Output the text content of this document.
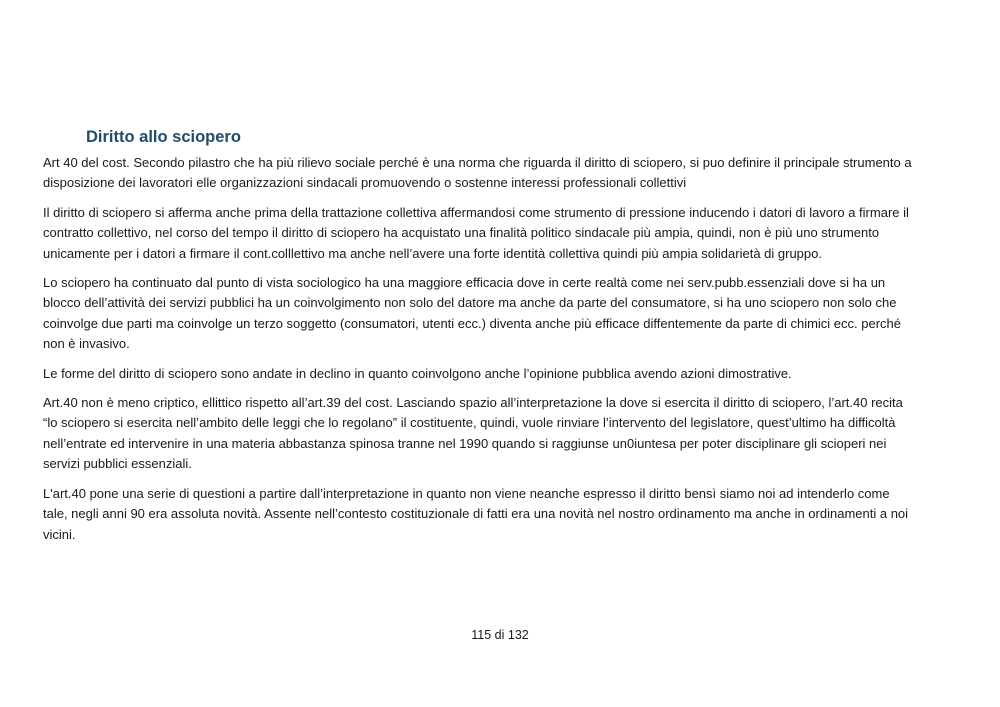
Diritto allo sciopero

Art 40 del cost. Secondo pilastro che ha più rilievo sociale perché è una norma che riguarda il diritto di sciopero, si puo definire il principale strumento a disposizione dei lavoratori elle organizzazioni sindacali promuovendo o sostenne interessi professionali collettivi

Il diritto di sciopero si afferma anche prima della trattazione collettiva affermandosi come strumento di pressione inducendo i datori di lavoro a firmare il contratto collettivo, nel corso del tempo il diritto di sciopero ha acquistato una finalità politico sindacale più ampia, quindi, non è più uno strumento unicamente per i datori a firmare il cont.colllettivo ma anche nell’avere una forte identità collettiva quindi più ampia solidarietà di gruppo.

Lo sciopero ha continuato dal punto di vista sociologico ha una maggiore efficacia dove in certe realtà come nei serv.pubb.essenziali dove si ha un blocco dell’attività dei servizi pubblici ha un coinvolgimento non solo del datore ma anche da parte del consumatore, si ha uno sciopero non solo che coinvolge due parti ma coinvolge un terzo soggetto (consumatori, utenti ecc.) diventa anche più efficace diffentemente da parte di chimici ecc. perché non è invasivo.

Le forme del diritto di sciopero sono andate in declino in quanto coinvolgono anche l’opinione pubblica avendo azioni dimostrative.

Art.40 non è meno criptico, ellittico rispetto all’art.39 del cost. Lasciando spazio all’interpretazione la dove si esercita il diritto di sciopero, l’art.40 recita “lo sciopero si esercita nell’ambito delle leggi che lo regolano” il costituente, quindi, vuole rinviare l’intervento del legislatore, quest’ultimo ha difficoltà nell’entrate ed intervenire in una materia abbastanza spinosa tranne nel 1990 quando si raggiunse un0iuntesa per poter disciplinare gli scioperi nei servizi pubblici essenziali.

L'art.40 pone una serie di questioni a partire dall’interpretazione in quanto non viene neanche espresso il diritto bensì siamo noi ad intenderlo come tale, negli anni 90 era assoluta novità. Assente nell’contesto costituzionale di fatti era una novità nel nostro ordinamento ma anche in ordinamenti a noi vicini.

115 di 132
